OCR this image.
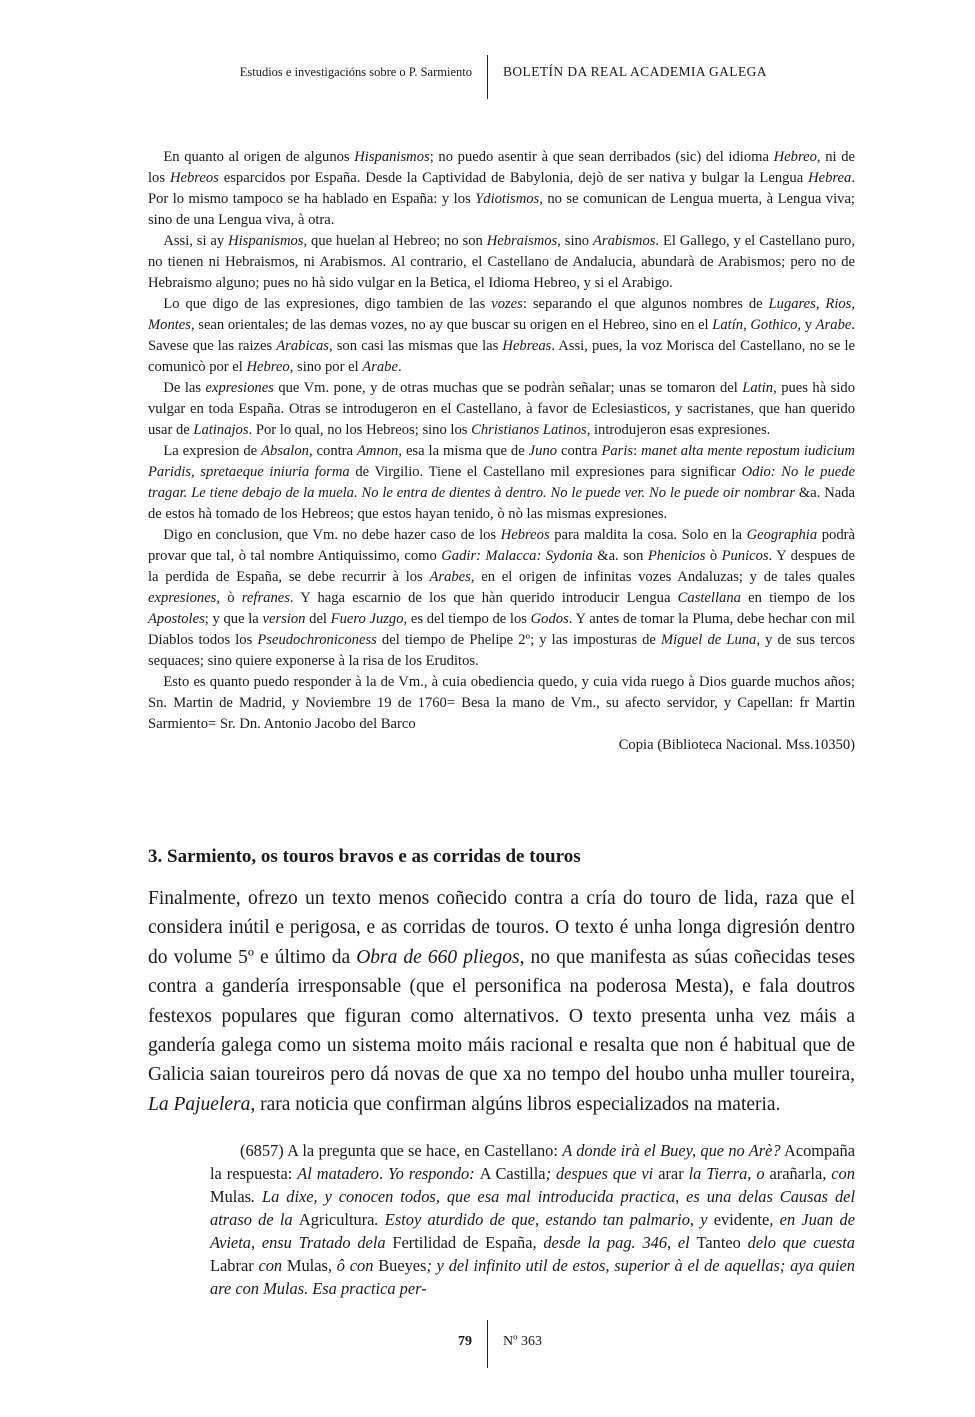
Estudios e investigacións sobre o P. Sarmiento BOLETÍN DA REAL ACADEMIA GALEGA

En quanto al origen de algunos Hispanismos; no puedo asentir à que sean derribados (sic) del idioma Hebreo, ni de los Hebreos esparcidos por España. Desde la Captividad de Babylonia, dejò de ser nativa y bulgar la Lengua Hebrea. Por lo mismo tampoco se ha hablado en España: y los Ydiotismos, no se comunican de Lengua muerta, à Lengua viva; sino de una Lengua viva, à otra.

Assi, si ay Hispanismos, que huelan al Hebreo; no son Hebraismos, sino Arabismos. El Gallego, y el Castellano puro, no tienen ni Hebraismos, ni Arabismos. Al contrario, el Castellano de Andalucia, abundarà de Arabismos; pero no de Hebraismo alguno; pues no hà sido vulgar en la Betica, el Idioma Hebreo, y si el Arabigo.

Lo que digo de las expresiones, digo tambien de las vozes: separando el que algunos nombres de Lugares, Rios, Montes, sean orientales; de las demas vozes, no ay que buscar su origen en el Hebreo, sino en el Latín, Gothico, y Arabe. Savese que las raizes Arabicas, son casi las mismas que las Hebreas. Assi, pues, la voz Morisca del Castellano, no se le comunicò por el Hebreo, sino por el Arabe.

De las expresiones que Vm. pone, y de otras muchas que se podràn señalar; unas se tomaron del Latin, pues hà sido vulgar en toda España. Otras se introdugeron en el Castellano, à favor de Eclesiasticos, y sacristanes, que han querido usar de Latinajos. Por lo qual, no los Hebreos; sino los Christianos Latinos, introdujeron esas expresiones.

La expresion de Absalon, contra Amnon, esa la misma que de Juno contra Paris: manet alta mente repostum iudicium Paridis, spretaeque iniuria forma de Virgilio. Tiene el Castellano mil expresiones para significar Odio: No le puede tragar. Le tiene debajo de la muela. No le entra de dientes à dentro. No le puede ver. No le puede oir nombrar &a. Nada de estos hà tomado de los Hebreos; que estos hayan tenido, ò nò las mismas expresiones.

Digo en conclusion, que Vm. no debe hazer caso de los Hebreos para maldita la cosa. Solo en la Geographia podrà provar que tal, ò tal nombre Antiquissimo, como Gadir: Malacca: Sydonia &a. son Phenicios ò Punicos. Y despues de la perdida de España, se debe recurrir à los Arabes, en el origen de infinitas vozes Andaluzas; y de tales quales expresiones, ò refranes. Y haga escarnio de los que hàn querido introducir Lengua Castellana en tiempo de los Apostoles; y que la version del Fuero Juzgo, es del tiempo de los Godos. Y antes de tomar la Pluma, debe hechar con mil Diablos todos los Pseudochroniconess del tiempo de Phelipe 2º; y las imposturas de Miguel de Luna, y de sus tercos sequaces; sino quiere exponerse à la risa de los Eruditos.

Esto es quanto puedo responder à la de Vm., à cuia obediencia quedo, y cuia vida ruego à Dios guarde muchos años; Sn. Martin de Madrid, y Noviembre 19 de 1760= Besa la mano de Vm., su afecto servidor, y Capellan: fr Martin Sarmiento= Sr. Dn. Antonio Jacobo del Barco

Copia (Biblioteca Nacional. Mss.10350)

3. Sarmiento, os touros bravos e as corridas de touros

Finalmente, ofrezo un texto menos coñecido contra a cría do touro de lida, raza que el considera inútil e perigosa, e as corridas de touros. O texto é unha longa digresión dentro do volume 5º e último da Obra de 660 pliegos, no que manifesta as súas coñecidas teses contra a gandería irresponsable (que el personifica na poderosa Mesta), e fala doutros festexos populares que figuran como alternativos. O texto presenta unha vez máis a gandería galega como un sistema moito máis racional e resalta que non é habitual que de Galicia saian toureiros pero dá novas de que xa no tempo del houbo unha muller toureira, La Pajuelera, rara noticia que confirman algúns libros especializados na materia.

(6857) A la pregunta que se hace, en Castellano: A donde irà el Buey, que no Arè? Acompaña la respuesta: Al matadero. Yo respondo: A Castilla; despues que vi arar la Tierra, o arañarla, con Mulas. La dixe, y conocen todos, que esa mal introducida practica, es una delas Causas del atraso de la Agricultura. Estoy aturdido de que, estando tan palmario, y evidente, en Juan de Avieta, ensu Tratado dela Fertilidad de España, desde la pag. 346, el Tanteo delo que cuesta Labrar con Mulas, ô con Bueyes; y del infinito util de estos, superior à el de aquellas; aya quien are con Mulas. Esa practica per-

79 Nº 363
